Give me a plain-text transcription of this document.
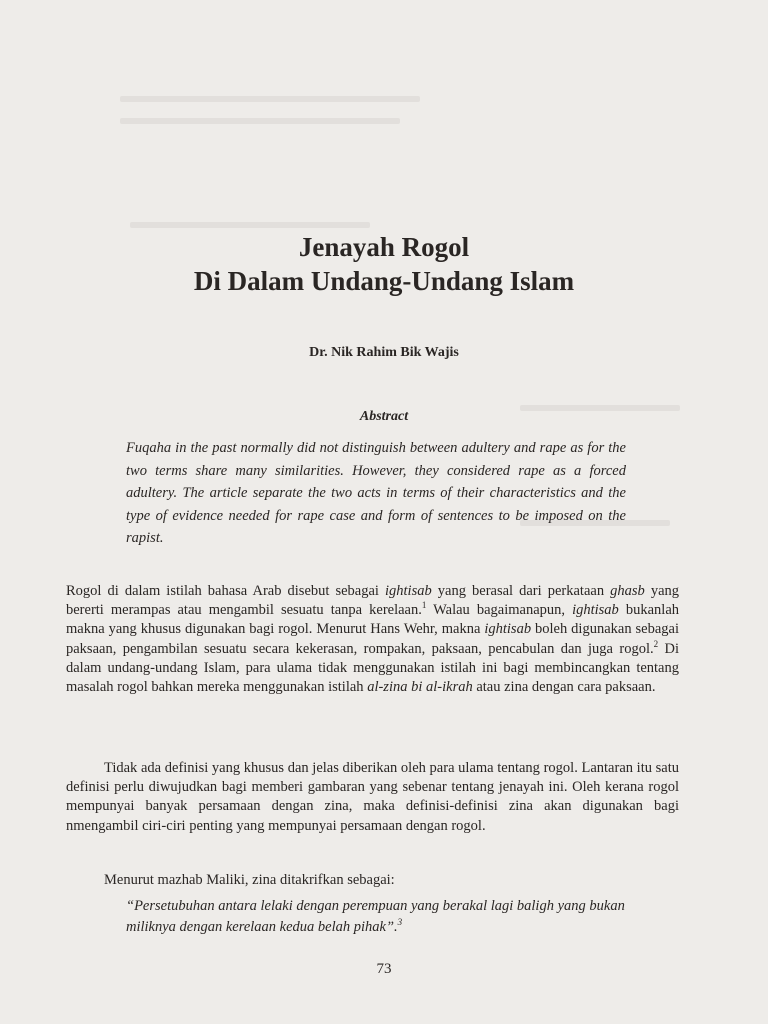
Jenayah Rogol
Di Dalam Undang-Undang Islam
Dr. Nik Rahim Bik Wajis
Abstract

Fuqaha in the past normally did not distinguish between adultery and rape as for the two terms share many similarities. However, they considered rape as a forced adultery. The article separate the two acts in terms of their characteristics and the type of evidence needed for rape case and form of sentences to be imposed on the rapist.

Rogol di dalam istilah bahasa Arab disebut sebagai ightisab yang berasal dari perkataan ghasb yang bererti merampas atau mengambil sesuatu tanpa kerelaan.$^1$ Walau bagaimanapun, ightisab bukanlah makna yang khusus digunakan bagi rogol. Menurut Hans Wehr, makna ightisab boleh digunakan sebagai paksaan, pengambilan sesuatu secara kekerasan, rompakan, paksaan, pencabulan dan juga rogol.$^2$ Di dalam undang-undang Islam, para ulama tidak menggunakan istilah ini bagi membincangkan tentang masalah rogol bahkan mereka menggunakan istilah al-zina bi al-ikrah atau zina dengan cara paksaan.

Tidak ada definisi yang khusus dan jelas diberikan oleh para ulama tentang rogol. Lantaran itu satu definisi perlu diwujudkan bagi memberi gambaran yang sebenar tentang jenayah ini. Oleh kerana rogol mempunyai banyak persamaan dengan zina, maka definisi-definisi zina akan digunakan bagi nmengambil ciri-ciri penting yang mempunyai persamaan dengan rogol.

Menurut mazhab Maliki, zina ditakrifkan sebagai:

“Persetubuhan antara lelaki dengan perempuan yang berakal lagi baligh yang bukan miliknya dengan kerelaan kedua belah pihak”.$^3$

73
